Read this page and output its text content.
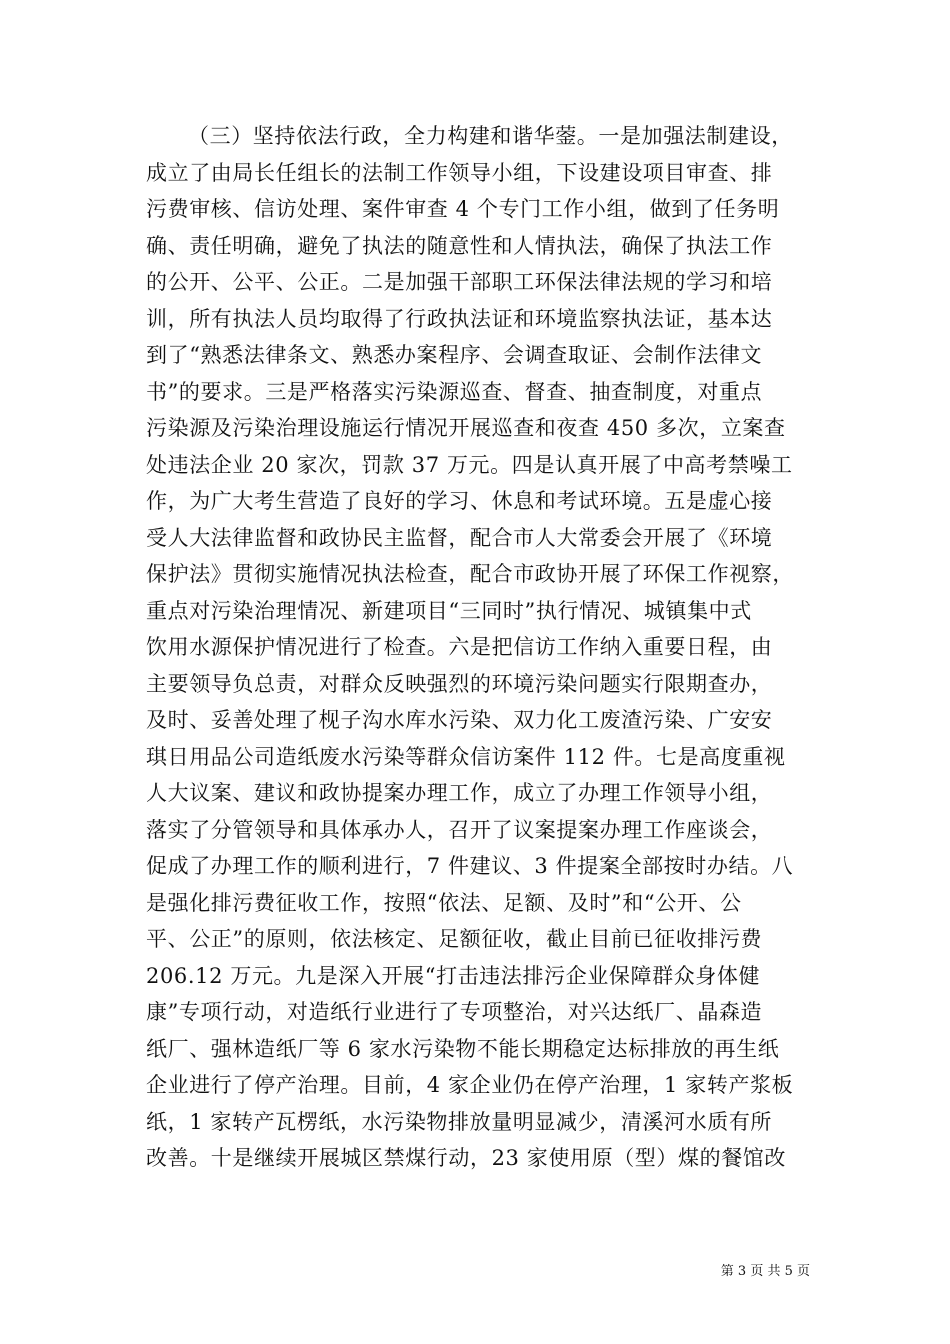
（三）坚持依法行政，全力构建和谐华蓥。一是加强法制建设，
成立了由局长任组长的法制工作领导小组，下设建设项目审查、排
污费审核、信访处理、案件审查 4 个专门工作小组，做到了任务明
确、责任明确，避免了执法的随意性和人情执法，确保了执法工作
的公开、公平、公正。二是加强干部职工环保法律法规的学习和培
训，所有执法人员均取得了行政执法证和环境监察执法证，基本达
到了“熟悉法律条文、熟悉办案程序、会调查取证、会制作法律文
书”的要求。三是严格落实污染源巡查、督查、抽查制度，对重点
污染源及污染治理设施运行情况开展巡查和夜查 450 多次，立案查
处违法企业 20 家次，罚款 37 万元。四是认真开展了中高考禁噪工
作，为广大考生营造了良好的学习、休息和考试环境。五是虚心接
受人大法律监督和政协民主监督，配合市人大常委会开展了《环境
保护法》贯彻实施情况执法检查，配合市政协开展了环保工作视察，
重点对污染治理情况、新建项目“三同时”执行情况、城镇集中式
饮用水源保护情况进行了检查。六是把信访工作纳入重要日程，由
主要领导负总责，对群众反映强烈的环境污染问题实行限期查办，
及时、妥善处理了枧子沟水库水污染、双力化工废渣污染、广安安
琪日用品公司造纸废水污染等群众信访案件 112 件。七是高度重视
人大议案、建议和政协提案办理工作，成立了办理工作领导小组，
落实了分管领导和具体承办人，召开了议案提案办理工作座谈会，
促成了办理工作的顺利进行，7 件建议、3 件提案全部按时办结。八
是强化排污费征收工作，按照“依法、足额、及时”和“公开、公
平、公正”的原则，依法核定、足额征收，截止目前已征收排污费
206.12 万元。九是深入开展“打击违法排污企业保障群众身体健
康”专项行动，对造纸行业进行了专项整治，对兴达纸厂、晶森造
纸厂、强林造纸厂等 6 家水污染物不能长期稳定达标排放的再生纸
企业进行了停产治理。目前，4 家企业仍在停产治理，1 家转产浆板
纸，1 家转产瓦楞纸，水污染物排放量明显减少，清溪河水质有所
改善。十是继续开展城区禁煤行动，23 家使用原（型）煤的餐馆改
第 3 页 共 5 页
